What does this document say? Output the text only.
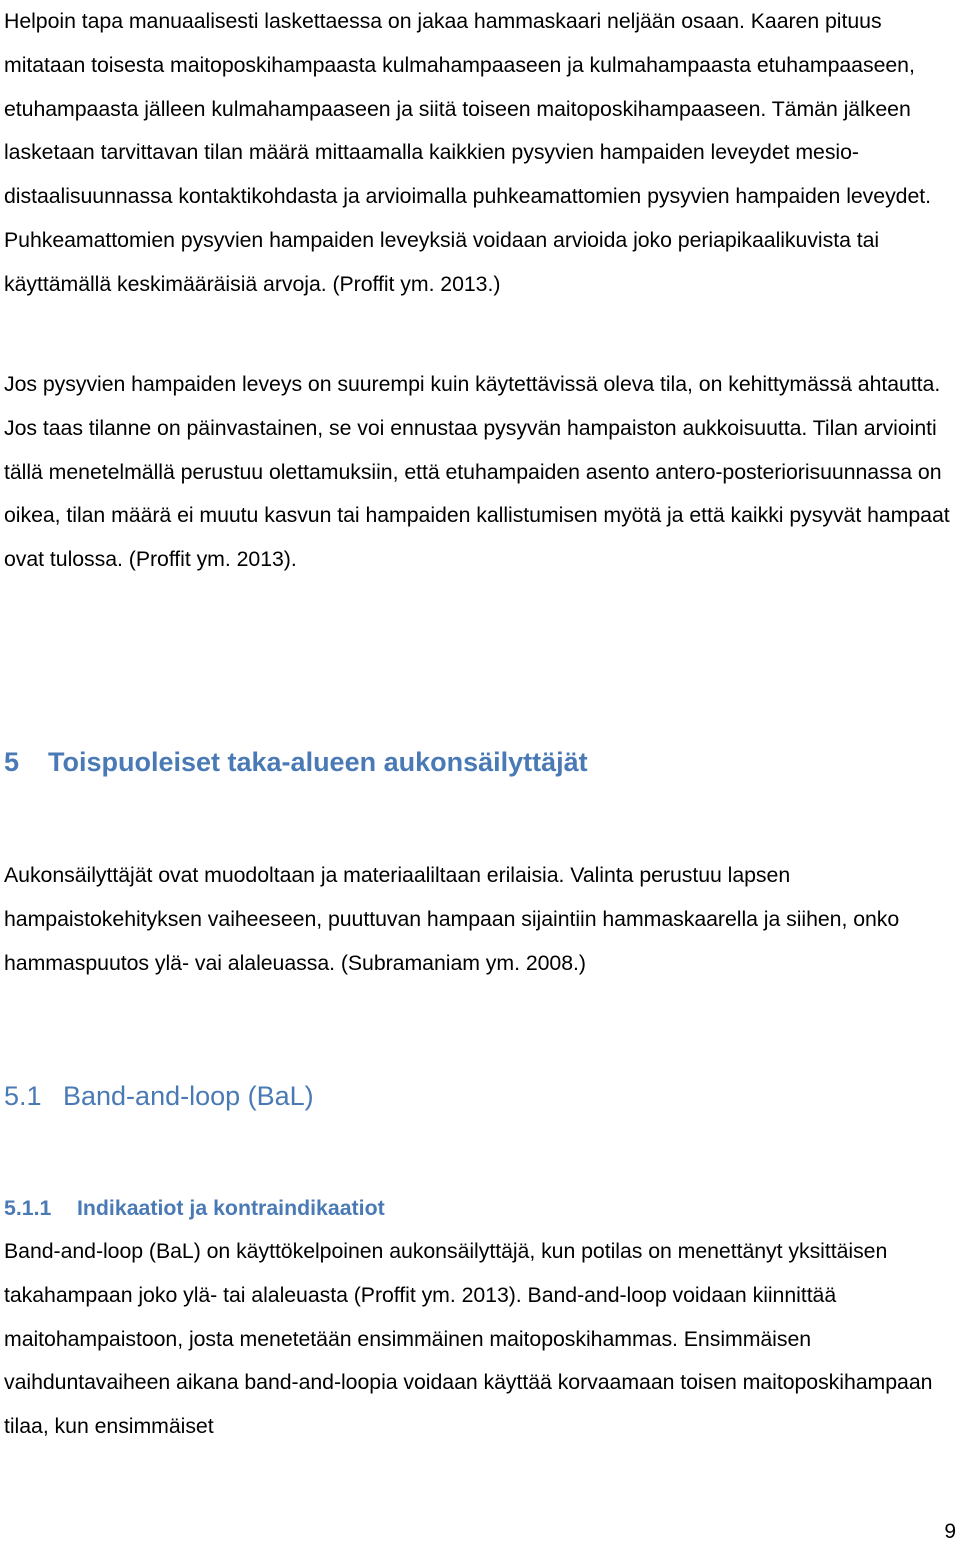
Helpoin tapa manuaalisesti laskettaessa on jakaa hammaskaari neljään osaan. Kaaren pituus mitataan toisesta maitoposkihampaasta kulmahampaaseen ja kulmahampaasta etuhampaaseen, etuhampaasta jälleen kulmahampaaseen ja siitä toiseen maitoposkihampaaseen. Tämän jälkeen lasketaan tarvittavan tilan määrä mittaamalla kaikkien pysyvien hampaiden leveydet mesio-distaalisuunnassa kontaktikohdasta ja arvioimalla puhkeamattomien pysyvien hampaiden leveydet. Puhkeamattomien pysyvien hampaiden leveyksiä voidaan arvioida joko periapikaalikuvista tai käyttämällä keskimääräisiä arvoja. (Proffit ym. 2013.)

Jos pysyvien hampaiden leveys on suurempi kuin käytettävissä oleva tila, on kehittymässä ahtautta. Jos taas tilanne on päinvastainen, se voi ennustaa pysyvän hampaiston aukkoisuutta. Tilan arviointi tällä menetelmällä perustuu olettamuksiin, että etuhampaiden asento antero-posteriorisuunnassa on oikea, tilan määrä ei muutu kasvun tai hampaiden kallistumisen myötä ja että kaikki pysyvät hampaat ovat tulossa. (Proffit ym. 2013).

5 Toispuoleiset taka-alueen aukonsäilyttäjät

Aukonsäilyttäjät ovat muodoltaan ja materiaaliltaan erilaisia. Valinta perustuu lapsen hampaistokehityksen vaiheeseen, puuttuvan hampaan sijaintiin hammaskaarella ja siihen, onko hammaspuutos ylä- vai alaleuassa. (Subramaniam ym. 2008.)

5.1 Band-and-loop (BaL)
5.1.1 Indikaatiot ja kontraindikaatiot

Band-and-loop (BaL) on käyttökelpoinen aukonsäilyttäjä, kun potilas on menettänyt yksittäisen takahampaan joko ylä- tai alaleuasta (Proffit ym. 2013). Band-and-loop voidaan kiinnittää maitohampaistoon, josta menetetään ensimmäinen maitoposkihammas. Ensimmäisen vaihduntavaiheen aikana band-and-loopia voidaan käyttää korvaamaan toisen maitoposkihampaan tilaa, kun ensimmäiset

9
